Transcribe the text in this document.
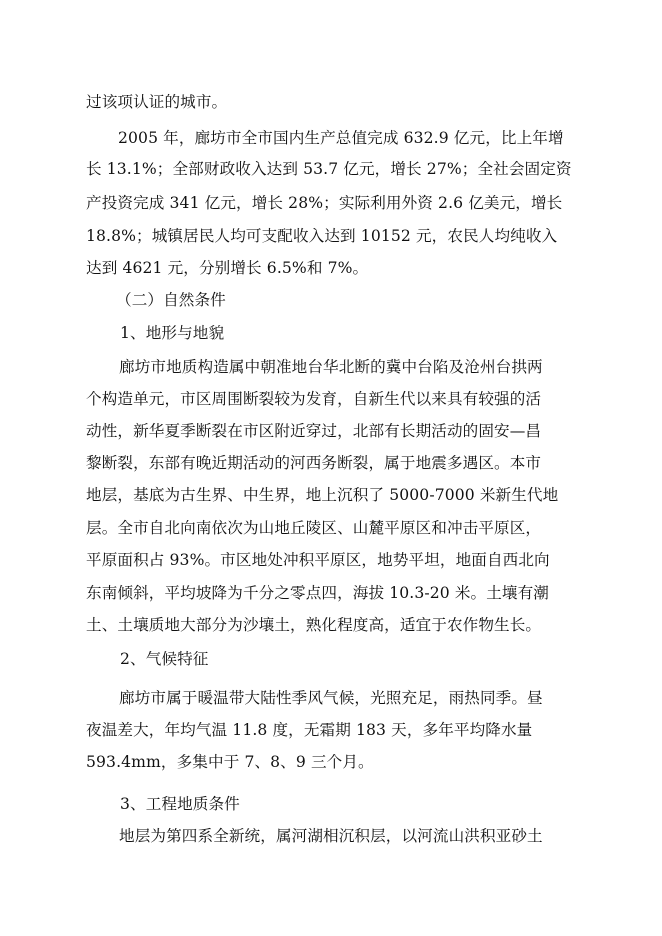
过该项认证的城市。
2005 年，廊坊市全市国内生产总值完成 632.9 亿元，比上年增
长 13.1%；全部财政收入达到 53.7 亿元，增长 27%；全社会固定资
产投资完成 341 亿元，增长 28%；实际利用外资 2.6 亿美元，增长
18.8%；城镇居民人均可支配收入达到 10152 元，农民人均纯收入
达到 4621 元，分别增长 6.5%和 7%。
（二）自然条件
1、地形与地貌
廊坊市地质构造属中朝准地台华北断的冀中台陷及沧州台拱两
个构造单元，市区周围断裂较为发育，自新生代以来具有较强的活
动性，新华夏季断裂在市区附近穿过，北部有长期活动的固安—昌
黎断裂，东部有晚近期活动的河西务断裂，属于地震多遇区。本市
地层，基底为古生界、中生界，地上沉积了 5000-7000 米新生代地
层。全市自北向南依次为山地丘陵区、山麓平原区和冲击平原区，
平原面积占 93%。市区地处冲积平原区，地势平坦，地面自西北向
东南倾斜，平均坡降为千分之零点四，海拔 10.3-20 米。土壤有潮
土、土壤质地大部分为沙壤土，熟化程度高，适宜于农作物生长。
2、气候特征
廊坊市属于暖温带大陆性季风气候，光照充足，雨热同季。昼
夜温差大，年均气温 11.8 度，无霜期 183 天，多年平均降水量
593.4mm，多集中于 7、8、9 三个月。
3、工程地质条件
地层为第四系全新统，属河湖相沉积层，以河流山洪积亚砂土
